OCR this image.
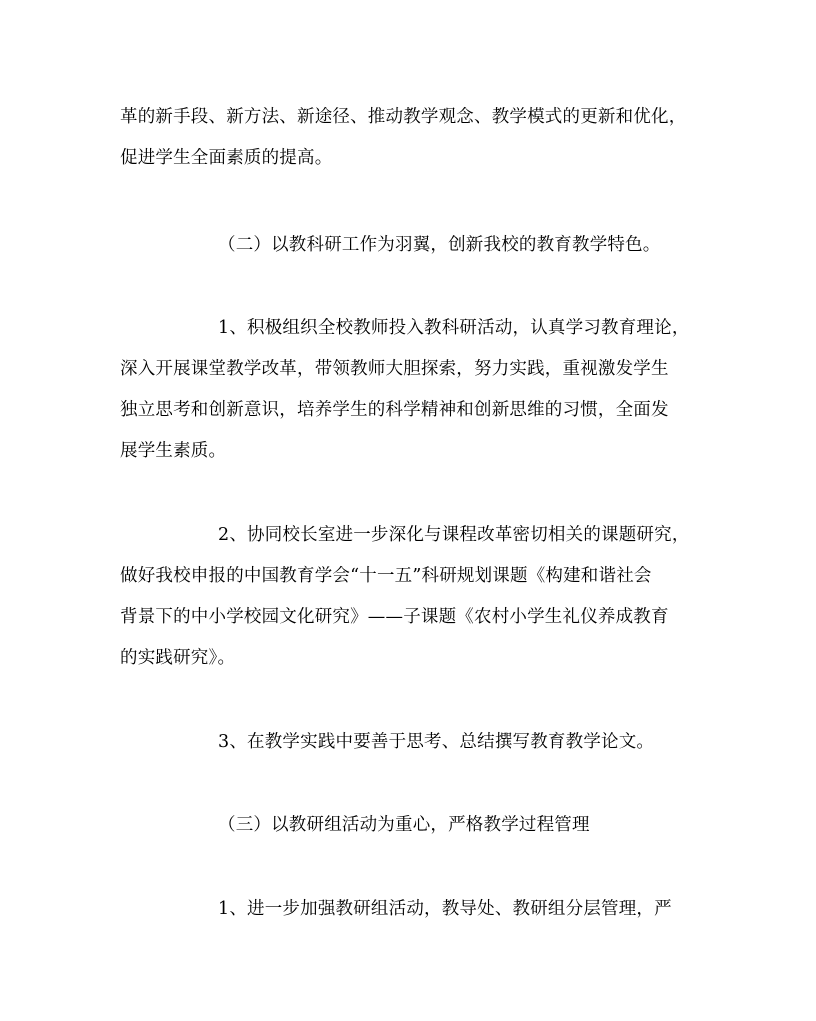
革的新手段、新方法、新途径、推动教学观念、教学模式的更新和优化，
促进学生全面素质的提高。
（二）以教科研工作为羽翼，创新我校的教育教学特色。
1、积极组织全校教师投入教科研活动，认真学习教育理论，
深入开展课堂教学改革，带领教师大胆探索，努力实践，重视激发学生
独立思考和创新意识，培养学生的科学精神和创新思维的习惯，全面发
展学生素质。
2、协同校长室进一步深化与课程改革密切相关的课题研究，
做好我校申报的中国教育学会“十一五”科研规划课题《构建和谐社会
背景下的中小学校园文化研究》——子课题《农村小学生礼仪养成教育
的实践研究》。
3、在教学实践中要善于思考、总结撰写教育教学论文。
（三）以教研组活动为重心，严格教学过程管理
1、进一步加强教研组活动，教导处、教研组分层管理，严
